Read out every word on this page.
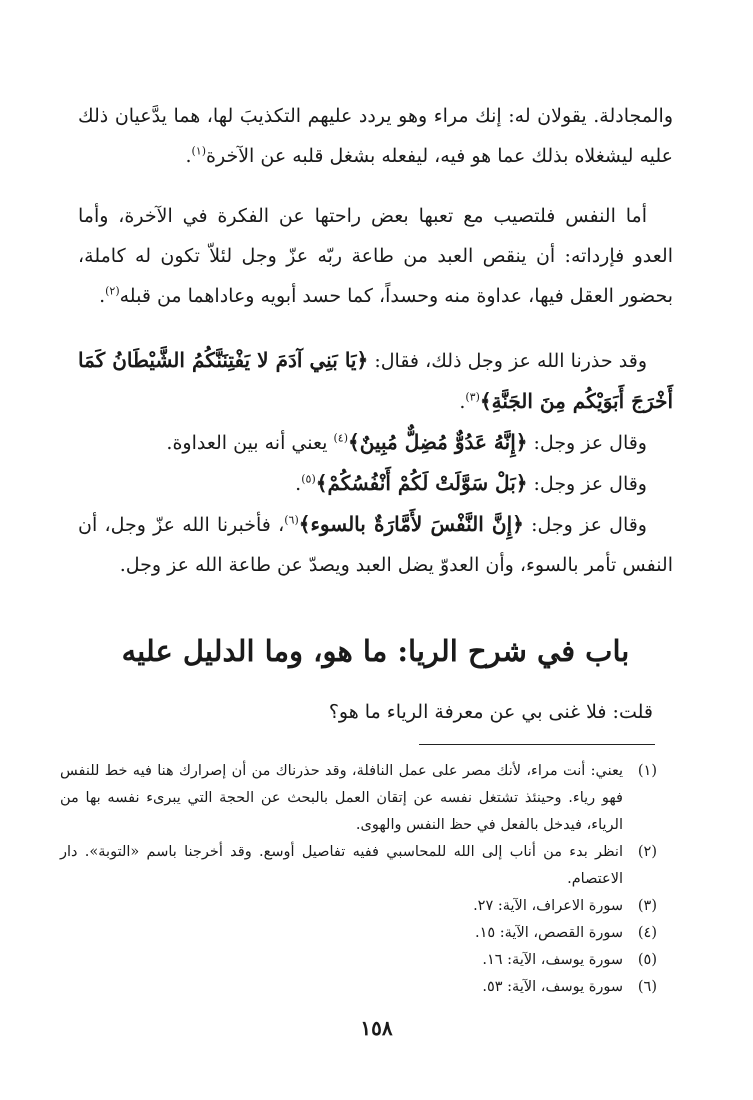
والمجادلة. يقولان له: إنك مراء وهو يردد عليهم التكذيبَ لها، هما يدَّعيان ذلك عليه ليشغلاه بذلك عما هو فيه، ليفعله بشغل قلبه عن الآخرة$^{(١)}$.

أما النفس فلتصيب مع تعبها بعض راحتها عن الفكرة في الآخرة، وأما العدو فإرداته: أن ينقص العبد من طاعة ربّه عزّ وجل لئلاّ تكون له كاملة، بحضور العقل فيها، عداوة منه وحسداً، كما حسد أبويه وعاداهما من قبله$^{(٢)}$.

وقد حذرنا الله عز وجل ذلك، فقال: ﴿يَا بَنِي آدَمَ لا يَفْتِنَنَّكُمُ الشَّيْطَانُ كَمَا أَخْرَجَ أَبَوَيْكُم مِنَ الجَنَّةِ﴾$^{(٣)}$.

وقال عز وجل: ﴿إِنَّهُ عَدُوٌّ مُضِلٌّ مُبِينٌ﴾$^{(٤)}$ يعني أنه بين العداوة.

وقال عز وجل: ﴿بَلْ سَوَّلَتْ لَكُمْ أَنْفُسُكُمْ﴾$^{(٥)}$.

وقال عز وجل: ﴿إِنَّ النَّفْسَ لأَمَّارَةٌ بالسوء﴾$^{(٦)}$، فأخبرنا الله عزّ وجل، أن النفس تأمر بالسوء، وأن العدوّ يضل العبد ويصدّ عن طاعة الله عز وجل.

باب في شرح الريا: ما هو، وما الدليل عليه
قلت: فلا غنى بي عن معرفة الرياء ما هو؟
(١)
يعني: أنت مراء، لأنك مصر على عمل النافلة، وقد حذرناك من أن إصرارك هنا فيه خط للنفس فهو رياء. وحينئذ تشتغل نفسه عن إتقان العمل بالبحث عن الحجة التي يبرىء نفسه بها من الرياء، فيدخل بالفعل في حظ النفس والهوى.
(٢)
انظر بدء من أناب إلى الله للمحاسبي ففيه تفاصيل أوسع. وقد أخرجنا باسم «التوبة». دار الاعتصام.
(٣)
سورة الاعراف، الآية: ٢٧.
(٤)
سورة القصص، الآية: ١٥.
(٥)
سورة يوسف، الآية: ١٦.
(٦)
سورة يوسف، الآية: ٥٣.
١٥٨
